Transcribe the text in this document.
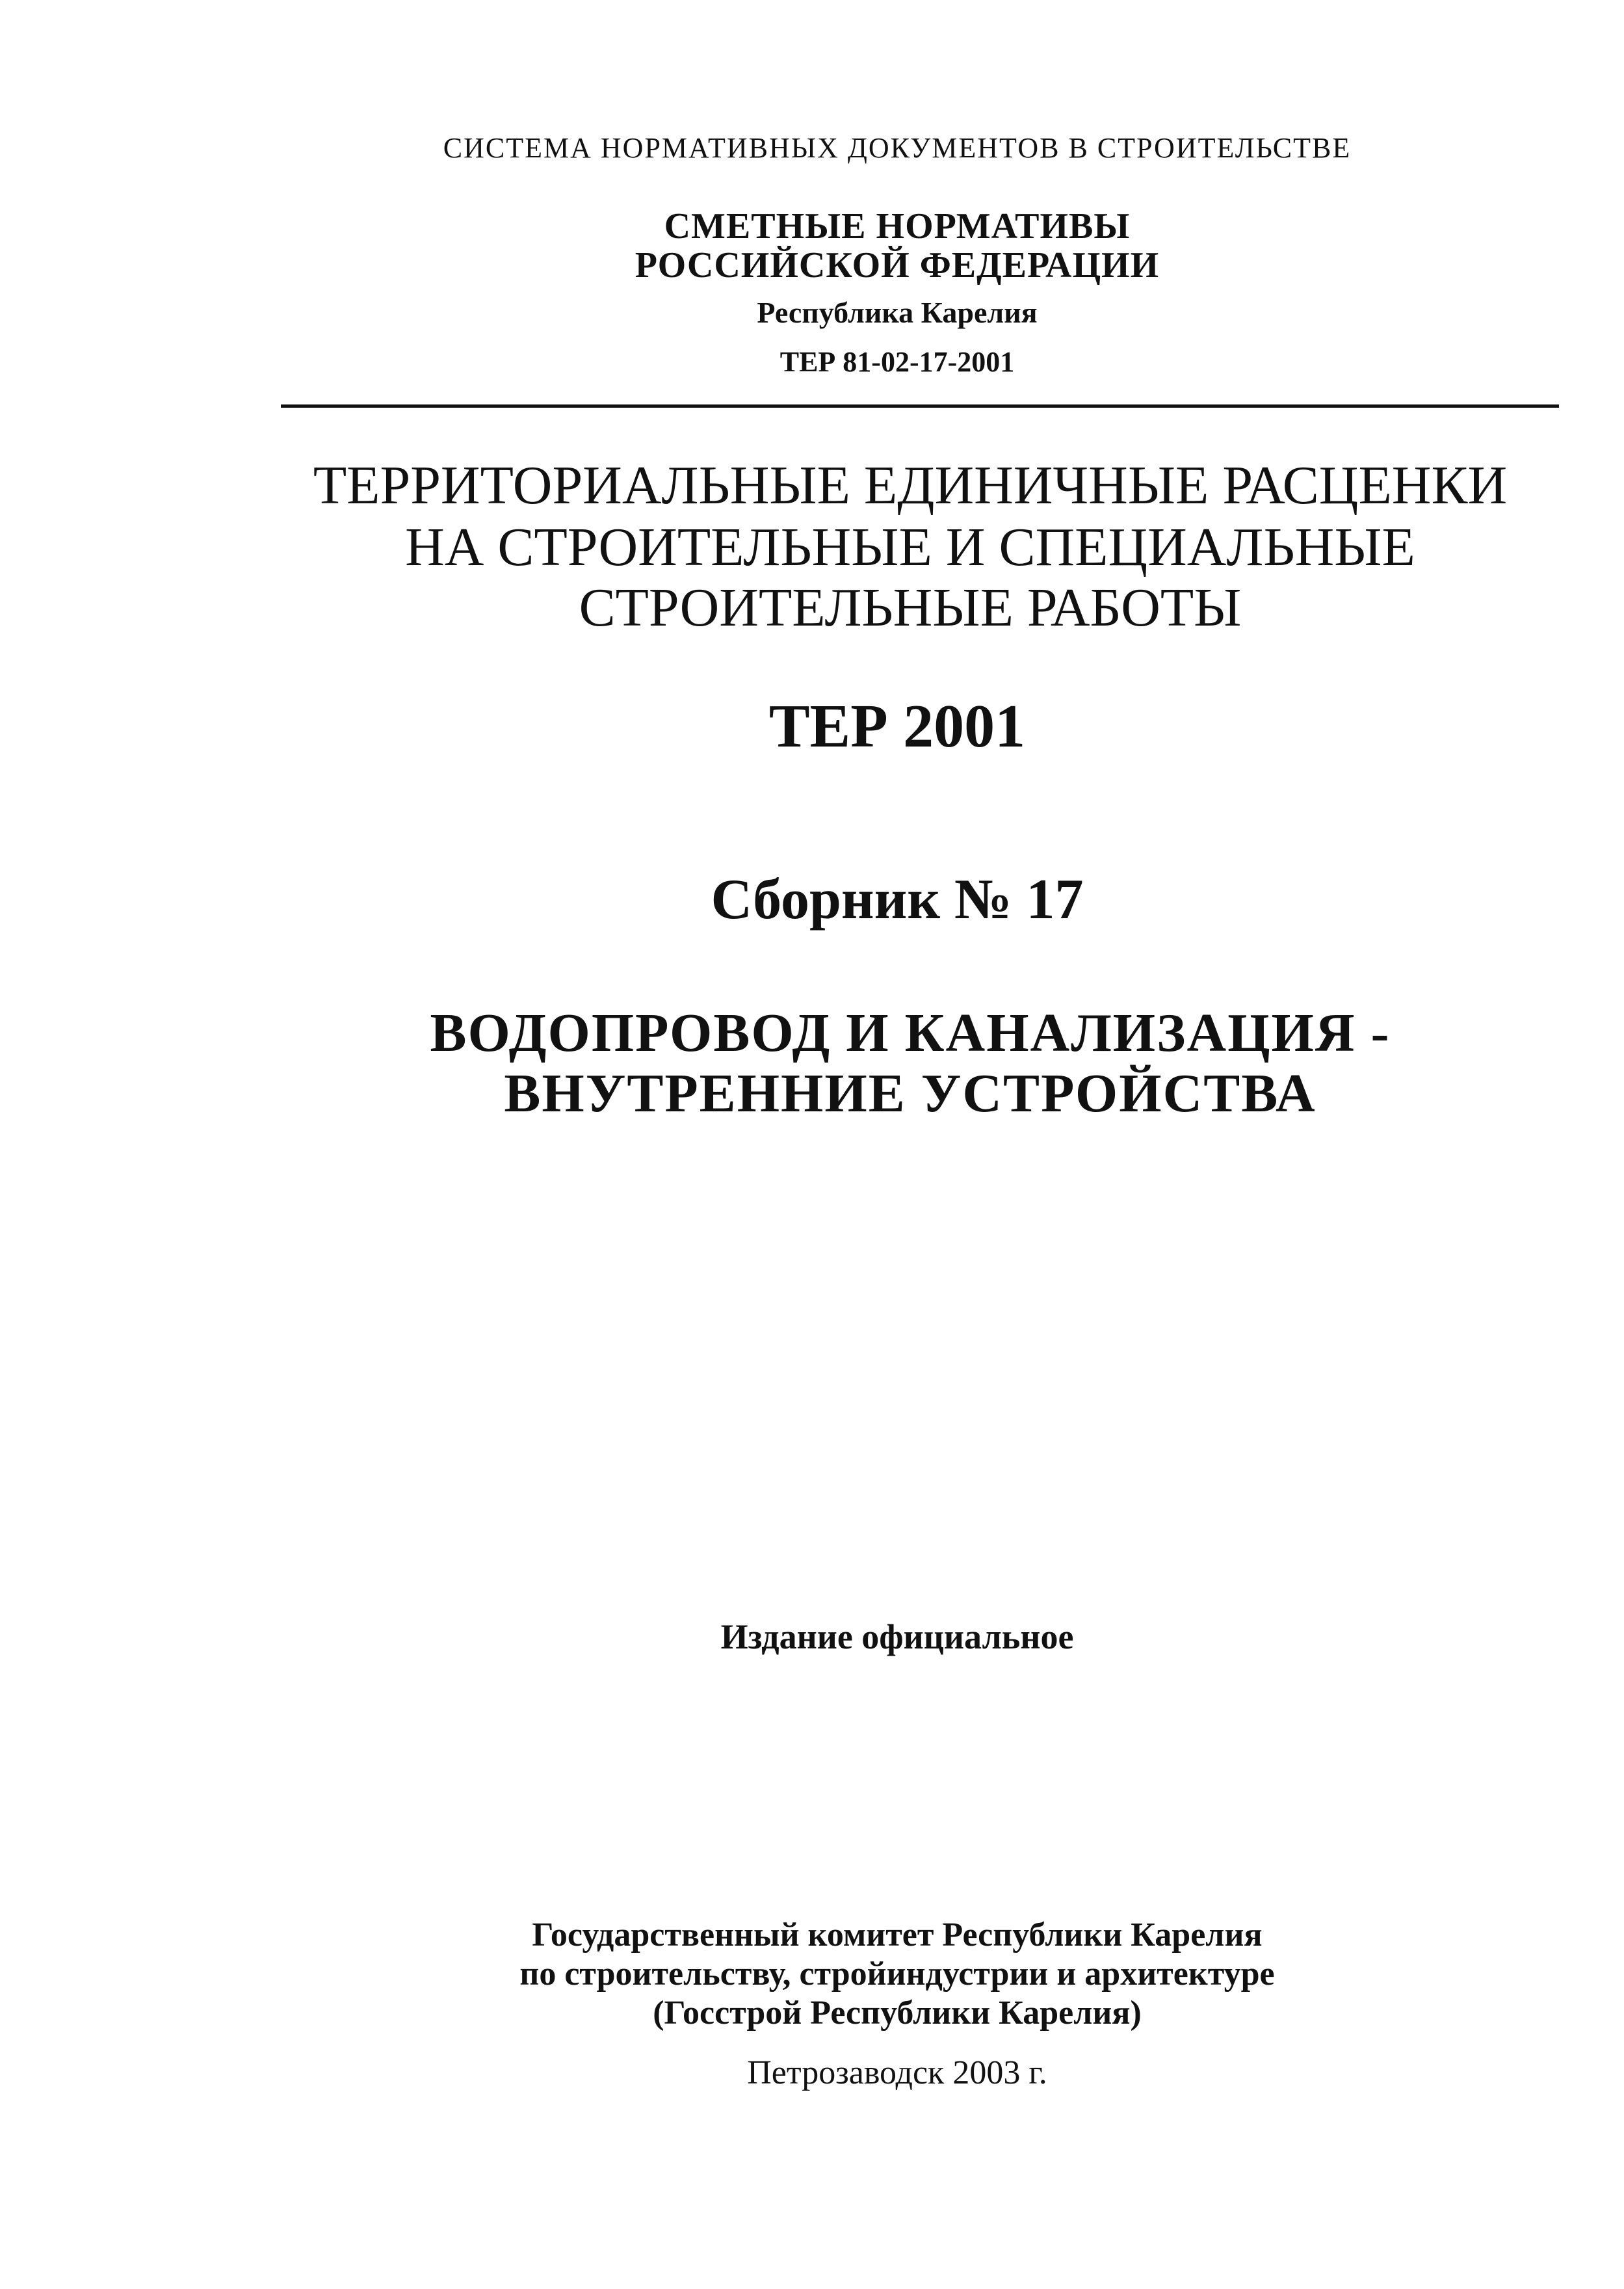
СИСТЕМА НОРМАТИВНЫХ ДОКУМЕНТОВ В СТРОИТЕЛЬСТВЕ
СМЕТНЫЕ НОРМАТИВЫ
РОССИЙСКОЙ ФЕДЕРАЦИИ
Республика Карелия
ТЕР 81-02-17-2001
ТЕРРИТОРИАЛЬНЫЕ ЕДИНИЧНЫЕ РАСЦЕНКИ
НА СТРОИТЕЛЬНЫЕ И СПЕЦИАЛЬНЫЕ
СТРОИТЕЛЬНЫЕ РАБОТЫ
ТЕР 2001
Сборник № 17
ВОДОПРОВОД И КАНАЛИЗАЦИЯ -
ВНУТРЕННИЕ УСТРОЙСТВА
Издание официальное
Государственный комитет Республики Карелия
по строительству, стройиндустрии и архитектуре
(Госстрой Республики Карелия)
Петрозаводск 2003 г.
